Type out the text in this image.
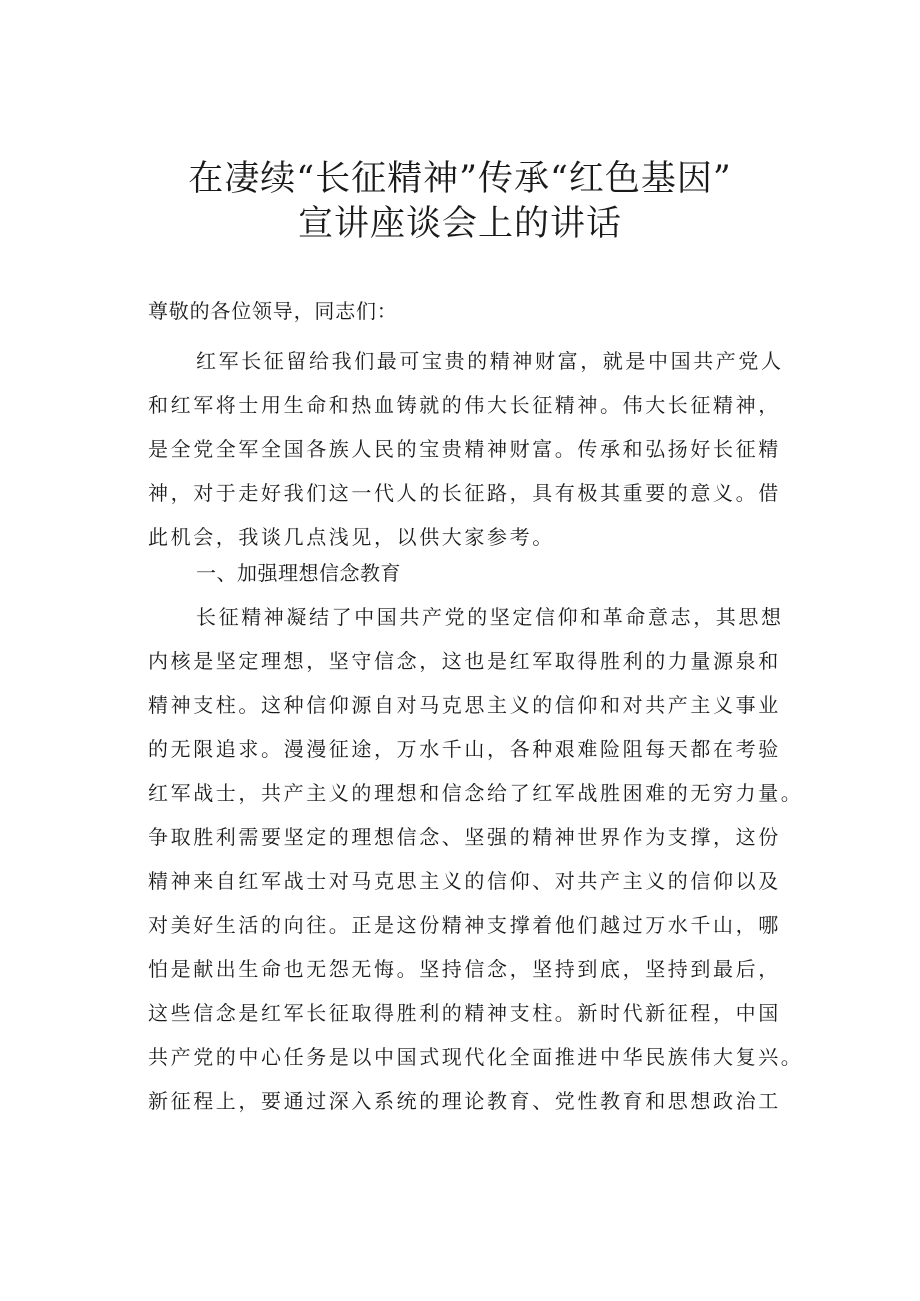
在凄续“长征精神”传承“红色基因”
宣讲座谈会上的讲话
尊敬的各位领导，同志们：
红军长征留给我们最可宝贵的精神财富，就是中国共产党人
和红军将士用生命和热血铸就的伟大长征精神。伟大长征精神，
是全党全军全国各族人民的宝贵精神财富。传承和弘扬好长征精
神，对于走好我们这一代人的长征路，具有极其重要的意义。借
此机会，我谈几点浅见，以供大家参考。
一、加强理想信念教育
长征精神凝结了中国共产党的坚定信仰和革命意志，其思想
内核是坚定理想，坚守信念，这也是红军取得胜利的力量源泉和
精神支柱。这种信仰源自对马克思主义的信仰和对共产主义事业
的无限追求。漫漫征途，万水千山，各种艰难险阻每天都在考验
红军战士，共产主义的理想和信念给了红军战胜困难的无穷力量。
争取胜利需要坚定的理想信念、坚强的精神世界作为支撑，这份
精神来自红军战士对马克思主义的信仰、对共产主义的信仰以及
对美好生活的向往。正是这份精神支撑着他们越过万水千山，哪
怕是献出生命也无怨无悔。坚持信念，坚持到底，坚持到最后，
这些信念是红军长征取得胜利的精神支柱。新时代新征程，中国
共产党的中心任务是以中国式现代化全面推进中华民族伟大复兴。
新征程上，要通过深入系统的理论教育、党性教育和思想政治工
